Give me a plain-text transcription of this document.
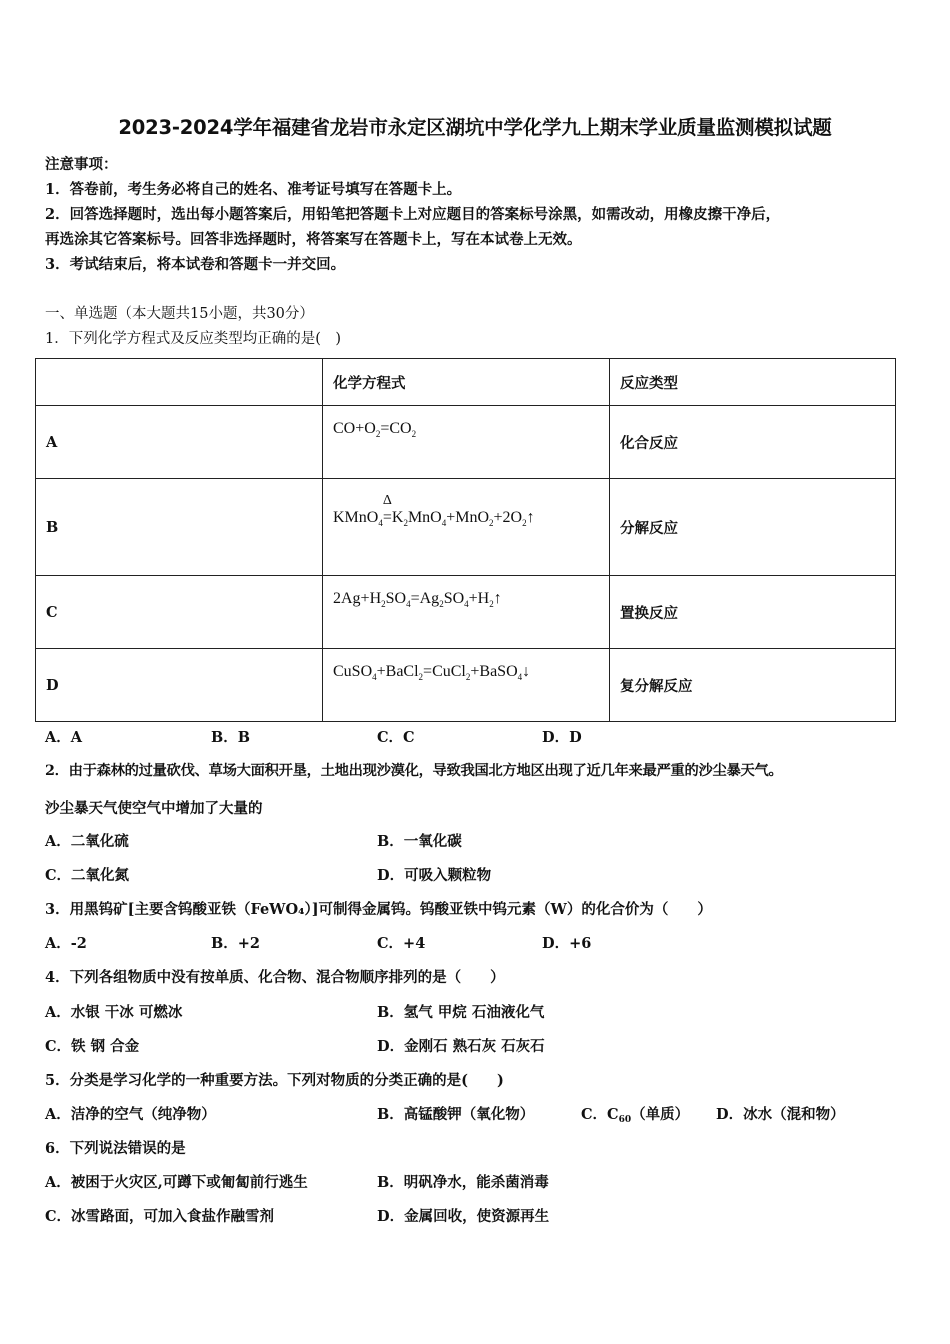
2023-2024学年福建省龙岩市永定区湖坑中学化学九上期末学业质量监测模拟试题
注意事项：
1．答卷前，考生务必将自己的姓名、准考证号填写在答题卡上。
2．回答选择题时，选出每小题答案后，用铅笔把答题卡上对应题目的答案标号涂黑，如需改动，用橡皮擦干净后，
再选涂其它答案标号。回答非选择题时，将答案写在答题卡上，写在本试卷上无效。
3．考试结束后，将本试卷和答题卡一并交回。
一、单选题（本大题共15小题，共30分）
1．下列化学方程式及反应类型均正确的是(　)
	化学方程式	反应类型
A	$CO+O_2=CO_2$	化合反应
B	KMnO$_4$
Δ
$=K_2MnO_4+MnO_2+2O_2↑$	分解反应
C	$2Ag+H_2SO_4=Ag_2SO_4+H_2↑$	置换反应
D	CuSO$_4$+BaCl$_2$=CuCl$_2$+BaSO$_4$↓	复分解反应
A．A	B．B	C．C	D．D
2．由于森林的过量砍伐、草场大面积开垦，土地出现沙漠化，导致我国北方地区出现了近几年来最严重的沙尘暴天气。
沙尘暴天气使空气中增加了大量的
A．二氧化硫	B．一氧化碳
C．二氧化氮	D．可吸入颗粒物
3．用黑钨矿[主要含钨酸亚铁（FeWO₄）]可制得金属钨。钨酸亚铁中钨元素（W）的化合价为（　　）
A．-2	B．+2	C．+4	D．+6
4．下列各组物质中没有按单质、化合物、混合物顺序排列的是（　　）
A．水银 干冰 可燃冰	B．氢气 甲烷 石油液化气
C．铁 钢 合金	D．金刚石 熟石灰 石灰石
5．分类是学习化学的一种重要方法。下列对物质的分类正确的是(　　)
A．洁净的空气（纯净物）	B．高锰酸钾（氧化物）	C．$C_{60}$（单质） D．冰水（混和物）
6．下列说法错误的是
A．被困于火灾区,可蹲下或匍匐前行逃生	B．明矾净水，能杀菌消毒
C．冰雪路面，可加入食盐作融雪剂	D．金属回收，使资源再生
